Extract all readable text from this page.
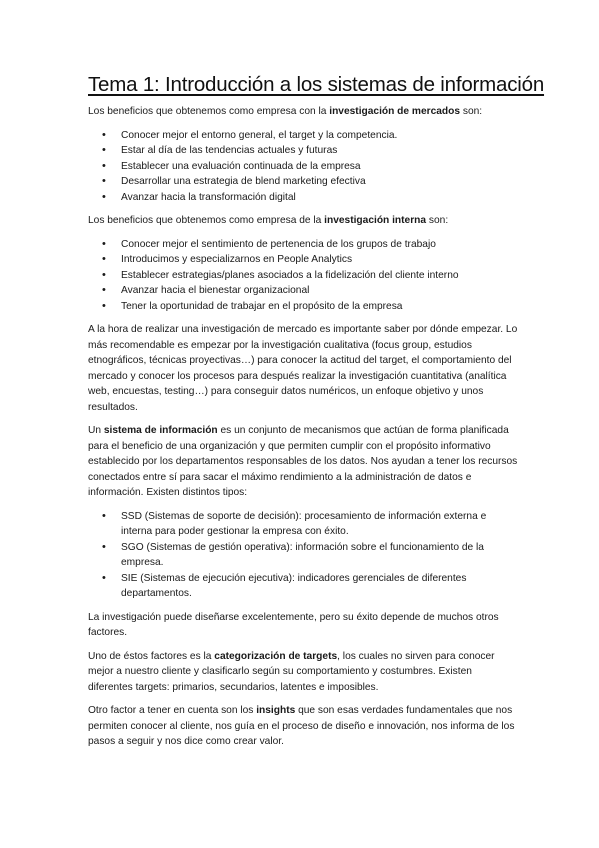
Tema 1: Introducción a los sistemas de información

Los beneficios que obtenemos como empresa con la investigación de mercados son:

• Conocer mejor el entorno general, el target y la competencia.
• Estar al día de las tendencias actuales y futuras
• Establecer una evaluación continuada de la empresa
• Desarrollar una estrategia de blend marketing efectiva
• Avanzar hacia la transformación digital

Los beneficios que obtenemos como empresa de la investigación interna son:

• Conocer mejor el sentimiento de pertenencia de los grupos de trabajo
• Introducimos y especializarnos en People Analytics
• Establecer estrategias/planes asociados a la fidelización del cliente interno
• Avanzar hacia el bienestar organizacional
• Tener la oportunidad de trabajar en el propósito de la empresa

A la hora de realizar una investigación de mercado es importante saber por dónde empezar. Lo más recomendable es empezar por la investigación cualitativa (focus group, estudios etnográficos, técnicas proyectivas…) para conocer la actitud del target, el comportamiento del mercado y conocer los procesos para después realizar la investigación cuantitativa (analítica web, encuestas, testing…) para conseguir datos numéricos, un enfoque objetivo y unos resultados.

Un sistema de información es un conjunto de mecanismos que actúan de forma planificada para el beneficio de una organización y que permiten cumplir con el propósito informativo establecido por los departamentos responsables de los datos. Nos ayudan a tener los recursos conectados entre sí para sacar el máximo rendimiento a la administración de datos e información. Existen distintos tipos:

• SSD (Sistemas de soporte de decisión): procesamiento de información externa e interna para poder gestionar la empresa con éxito.
• SGO (Sistemas de gestión operativa): información sobre el funcionamiento de la empresa.
• SIE (Sistemas de ejecución ejecutiva): indicadores gerenciales de diferentes departamentos.

La investigación puede diseñarse excelentemente, pero su éxito depende de muchos otros factores.

Uno de éstos factores es la categorización de targets, los cuales no sirven para conocer mejor a nuestro cliente y clasificarlo según su comportamiento y costumbres. Existen diferentes targets: primarios, secundarios, latentes e imposibles.

Otro factor a tener en cuenta son los insights que son esas verdades fundamentales que nos permiten conocer al cliente, nos guía en el proceso de diseño e innovación, nos informa de los pasos a seguir y nos dice como crear valor.
